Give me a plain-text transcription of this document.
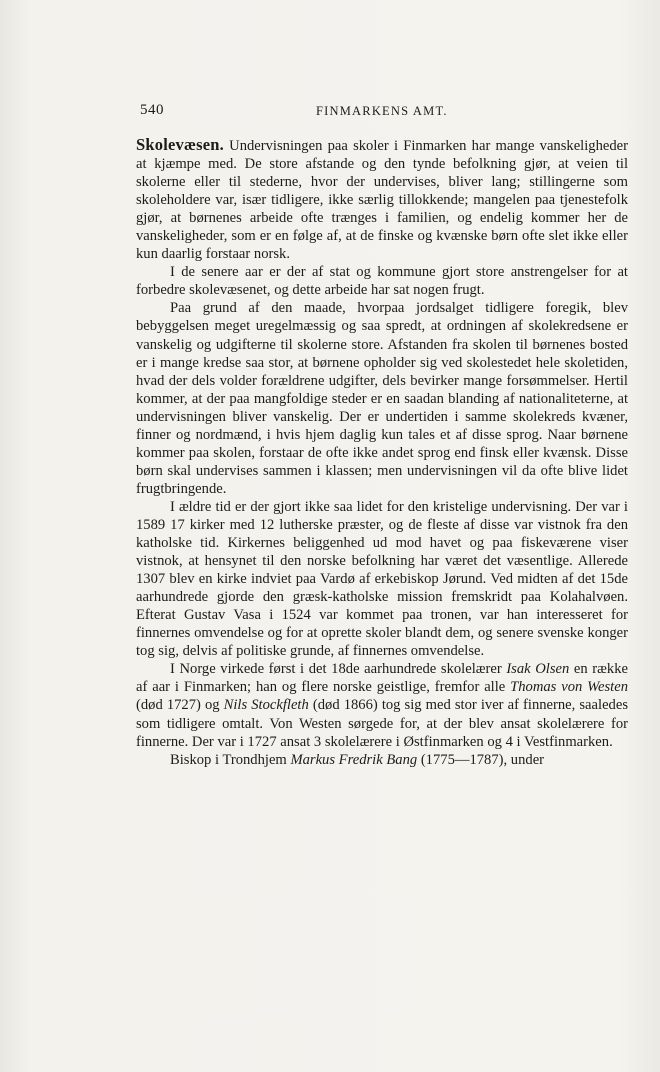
540	FINMARKENS AMT.

Skolevæsen. Undervisningen paa skoler i Finmarken har mange vanskeligheder at kjæmpe med. De store afstande og den tynde befolkning gjør, at veien til skolerne eller til stederne, hvor der undervises, bliver lang; stillingerne som skoleholdere var, især tidligere, ikke særlig tillokkende; mangelen paa tjenestefolk gjør, at børnenes arbeide ofte trænges i familien, og endelig kommer her de vanskeligheder, som er en følge af, at de finske og kvænske børn ofte slet ikke eller kun daarlig forstaar norsk.

I de senere aar er der af stat og kommune gjort store anstrengelser for at forbedre skolevæsenet, og dette arbeide har sat nogen frugt.

Paa grund af den maade, hvorpaa jordsalget tidligere foregik, blev bebyggelsen meget uregelmæssig og saa spredt, at ordningen af skolekredsene er vanskelig og udgifterne til skolerne store. Afstanden fra skolen til børnenes bosted er i mange kredse saa stor, at børnene opholder sig ved skolestedet hele skoletiden, hvad der dels volder forældrene udgifter, dels bevirker mange forsømmelser. Hertil kommer, at der paa mangfoldige steder er en saadan blanding af nationaliteterne, at undervisningen bliver vanskelig. Der er undertiden i samme skolekreds kvæner, finner og nordmænd, i hvis hjem daglig kun tales et af disse sprog. Naar børnene kommer paa skolen, forstaar de ofte ikke andet sprog end finsk eller kvænsk. Disse børn skal undervises sammen i klassen; men undervisningen vil da ofte blive lidet frugtbringende.

I ældre tid er der gjort ikke saa lidet for den kristelige undervisning. Der var i 1589 17 kirker med 12 lutherske præster, og de fleste af disse var vistnok fra den katholske tid. Kirkernes beliggenhed ud mod havet og paa fiskeværene viser vistnok, at hensynet til den norske befolkning har været det væsentlige. Allerede 1307 blev en kirke indviet paa Vardø af erkebiskop Jørund. Ved midten af det 15de aarhundrede gjorde den græsk-katholske mission fremskridt paa Kolahalvøen. Efterat Gustav Vasa i 1524 var kommet paa tronen, var han interesseret for finnernes omvendelse og for at oprette skoler blandt dem, og senere svenske konger tog sig, delvis af politiske grunde, af finnernes omvendelse.

I Norge virkede først i det 18de aarhundrede skolelærer Isak Olsen en række af aar i Finmarken; han og flere norske geistlige, fremfor alle Thomas von Westen (død 1727) og Nils Stockfleth (død 1866) tog sig med stor iver af finnerne, saaledes som tidligere omtalt. Von Westen sørgede for, at der blev ansat skolelærere for finnerne. Der var i 1727 ansat 3 skolelærere i Østfinmarken og 4 i Vestfinmarken.

Biskop i Trondhjem Markus Fredrik Bang (1775—1787), under
